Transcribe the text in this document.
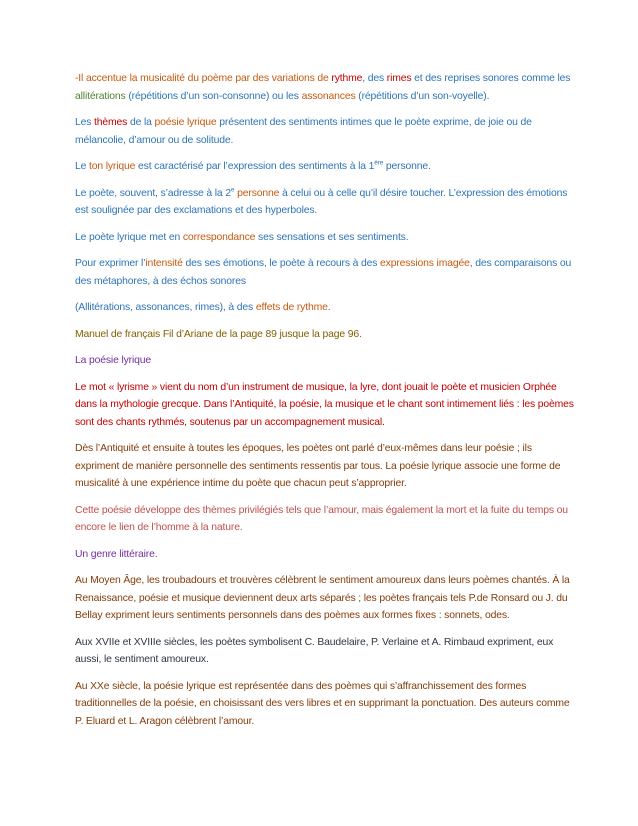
-Il accentue la musicalité du poème par des variations de rythme, des rimes et des reprises sonores comme les allitérations (répétitions d’un son-consonne) ou les assonances (répétitions d’un son-voyelle).

Les thèmes de la poésie lyrique présentent des sentiments intimes que le poète exprime, de joie ou de mélancolie, d’amour ou de solitude.

Le ton lyrique est caractérisé par l’expression des sentiments à la 1ère personne.

Le poète, souvent, s’adresse à la 2e personne à celui ou à celle qu’il désire toucher. L’expression des émotions est soulignée par des exclamations et des hyperboles.

Le poète lyrique met en correspondance ses sensations et ses sentiments.

Pour exprimer l’intensité des ses émotions, le poète à recours à des expressions imagée, des comparaisons ou des métaphores, à des échos sonores

(Allitérations, assonances, rimes), à des effets de rythme.

Manuel de français Fil d’Ariane de la page 89 jusque la page 96.

La poésie lyrique

Le mot « lyrisme » vient du nom d’un instrument de musique, la lyre, dont jouait le poète et musicien Orphée dans la mythologie grecque. Dans l’Antiquité, la poésie, la musique et le chant sont intimement liés : les poèmes sont des chants rythmés, soutenus par un accompagnement musical.

Dès l’Antiquité et ensuite à toutes les époques, les poètes ont parlé d’eux-mêmes dans leur poésie ; ils expriment de manière personnelle des sentiments ressentis par tous. La poésie lyrique associe une forme de musicalité à une expérience intime du poète que chacun peut s’approprier.

Cette poésie développe des thèmes privilégiés tels que l’amour, mais également la mort et la fuite du temps ou encore le lien de l’homme à la nature.

Un genre littéraire.

Au Moyen Âge, les troubadours et trouvères célèbrent le sentiment amoureux dans leurs poèmes chantés. À la Renaissance, poésie et musique deviennent deux arts séparés ; les poètes français tels P.de Ronsard ou J. du Bellay expriment leurs sentiments personnels dans des poèmes aux formes fixes : sonnets, odes.

Aux XVIIe et XVIIIe siècles, les poètes symbolisent C. Baudelaire, P. Verlaine et A. Rimbaud expriment, eux aussi, le sentiment amoureux.

Au XXe siècle, la poésie lyrique est représentée dans des poèmes qui s’affranchissement des formes traditionnelles de la poésie, en choisissant des vers libres et en supprimant la ponctuation. Des auteurs comme P. Eluard et L. Aragon célèbrent l’amour.
